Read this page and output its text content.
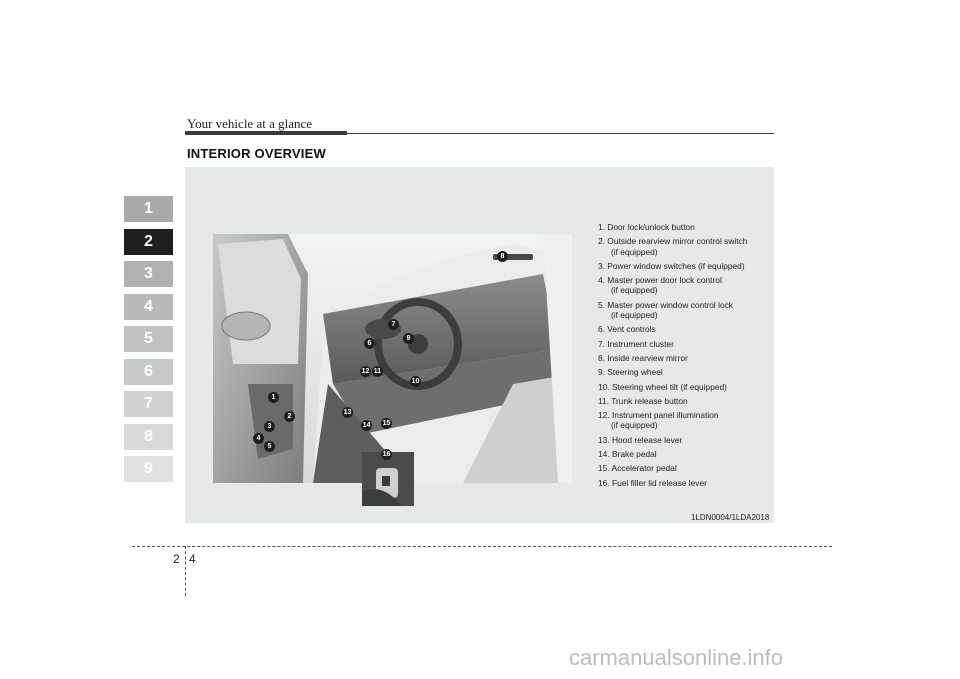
Your vehicle at a glance
INTERIOR OVERVIEW
1
2
3
4
5
6
7
8
9
1
2
3
4
5
6
7
8
9
10
11
12
13
14 15
16
1. Door lock/unlock button
2. Outside rearview mirror control switch
(if equipped)
3. Power window switches (if equipped)
4. Master power door lock control
(if equipped)
5. Master power window control lock
(if equipped)
6. Vent controls
7. Instrument cluster
8. Inside rearview mirror
9. Steering wheel
10. Steering wheel tilt (if equipped)
11. Trunk release button
12. Instrument panel illumination
(if equipped)
13. Hood release lever
14. Brake pedal
15. Accelerator pedal
16. Fuel filler lid release lever
1LDN0004/1LDA2018
2 4
carmanualsonline.info
